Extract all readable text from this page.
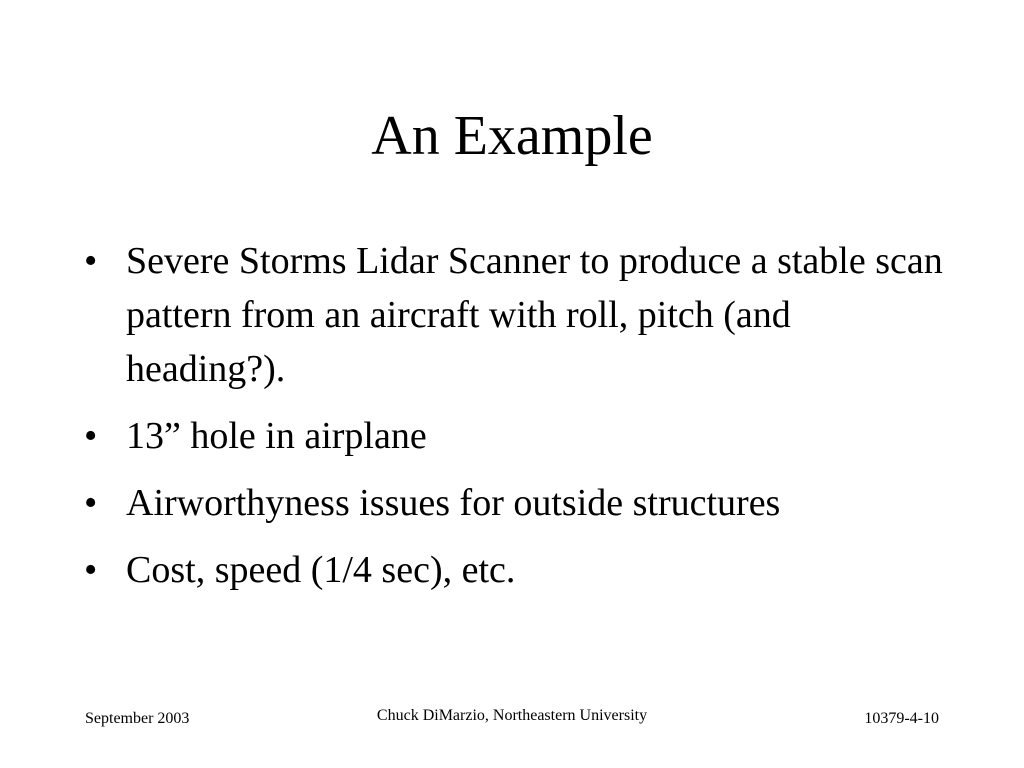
An Example
• Severe Storms Lidar Scanner to produce a stable scan pattern from an aircraft with roll, pitch (and heading?).
• 13” hole in airplane
• Airworthyness issues for outside structures
• Cost, speed (1/4 sec), etc.
September 2003	Chuck DiMarzio, Northeastern University	10379-4-10
